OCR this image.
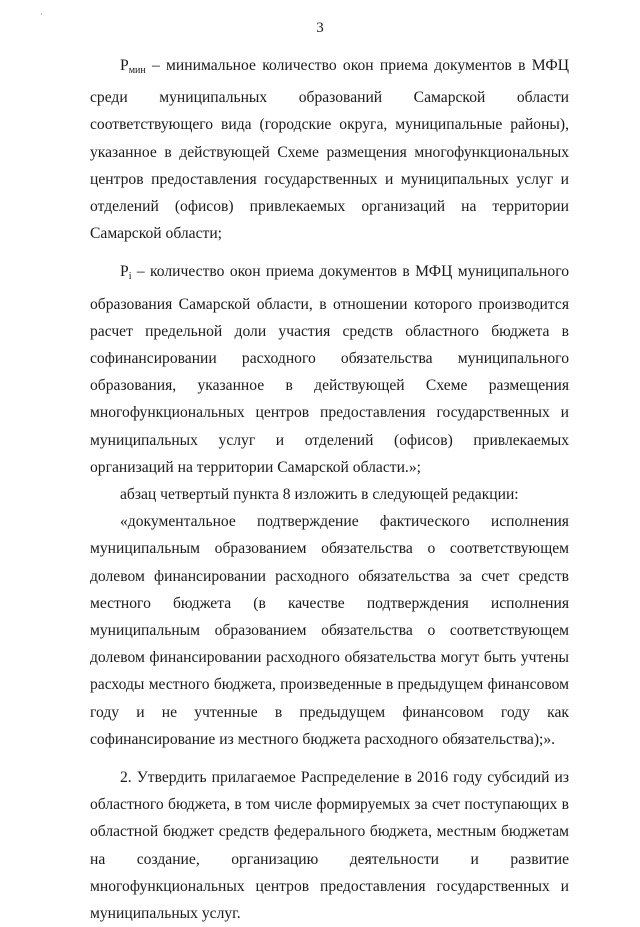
·
3

$Р_{мин}$ – минимальное количество окон приема документов в МФЦ среди муниципальных образований Самарской области соответствующего вида (городские округа, муниципальные районы), указанное в действующей Схеме размещения многофункциональных центров предоставления государственных и муниципальных услуг и отделений (офисов) привлекаемых организаций на территории Самарской области;

$Р_i$ – количество окон приема документов в МФЦ муниципального образования Самарской области, в отношении которого производится расчет предельной доли участия средств областного бюджета в софинансировании расходного обязательства муниципального образования, указанное в действующей Схеме размещения многофункциональных центров предоставления государственных и муниципальных услуг и отделений (офисов) привлекаемых организаций на территории Самарской области.»;

абзац четвертый пункта 8 изложить в следующей редакции:

«документальное подтверждение фактического исполнения муниципальным образованием обязательства о соответствующем долевом финансировании расходного обязательства за счет средств местного бюджета (в качестве подтверждения исполнения муниципальным образованием обязательства о соответствующем долевом финансировании расходного обязательства могут быть учтены расходы местного бюджета, произведенные в предыдущем финансовом году и не учтенные в предыдущем финансовом году как софинансирование из местного бюджета расходного обязательства);».

2. Утвердить прилагаемое Распределение в 2016 году субсидий из областного бюджета, в том числе формируемых за счет поступающих в областной бюджет средств федерального бюджета, местным бюджетам на создание, организацию деятельности и развитие многофункциональных центров предоставления государственных и муниципальных услуг.
